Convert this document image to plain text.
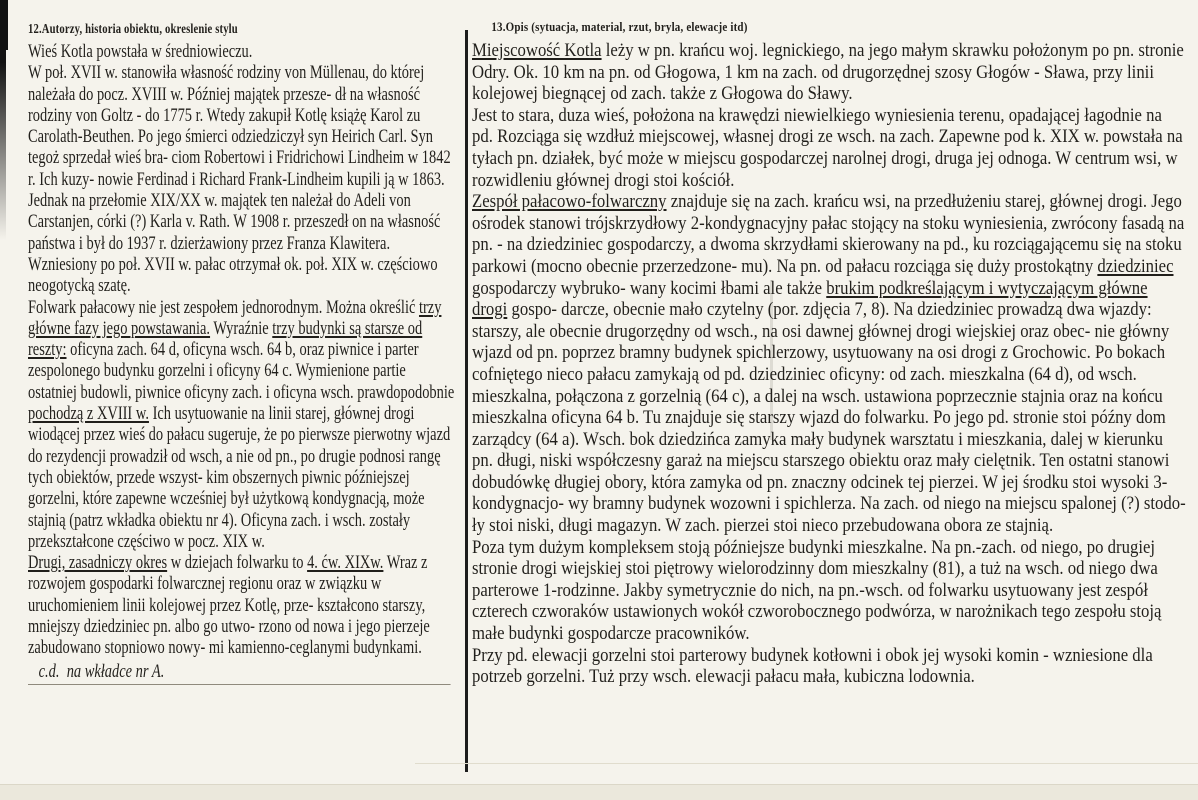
12.Autorzy, historia obiektu, okreslenie stylu

Wieś Kotla powstała w średniowieczu.

W poł. XVII w. stanowiła własność rodziny von Müllenau, do której należała do pocz. XVIII w. Później majątek przesze- dł na własność rodziny von Goltz - do 1775 r. Wtedy zakupił Kotlę książę Karol zu Carolath-Beuthen. Po jego śmierci odziedziczył syn Heirich Carl. Syn tegoż sprzedał wieś bra- ciom Robertowi i Fridrichowi Lindheim w 1842 r. Ich kuzy- nowie Ferdinad i Richard Frank-Lindheim kupili ją w 1863. Jednak na przełomie XIX/XX w. majątek ten należał do Adeli von Carstanjen, córki (?) Karla v. Rath. W 1908 r. przeszedł on na własność państwa i był do 1937 r. dzierżawiony przez Franza Klawitera.

Wzniesiony po poł. XVII w. pałac otrzymał ok. poł. XIX w. częściowo neogotycką szatę.

Folwark pałacowy nie jest zespołem jednorodnym. Można określić trzy główne fazy jego powstawania. Wyraźnie trzy budynki są starsze od reszty: oficyna zach. 64 d, oficyna wsch. 64 b, oraz piwnice i parter zespolonego budynku gorzelni i oficyny 64 c. Wymienione partie ostatniej budowli, piwnice oficyny zach. i oficyna wsch. prawdopodobnie pochodzą z XVIII w. Ich usytuowanie na linii starej, głównej drogi wiodącej przez wieś do pałacu sugeruje, że po pierwsze pierwotny wjazd do rezydencji prowadził od wsch, a nie od pn., po drugie podnosi rangę tych obiektów, przede wszyst- kim obszernych piwnic późniejszej gorzelni, które zapewne wcześniej był użytkową kondygnacją, może stajnią (patrz wkładka obiektu nr 4). Oficyna zach. i wsch. zostały przekształcone częściwo w pocz. XIX w.

Drugi, zasadniczy okres w dziejach folwarku to 4. ćw. XIXw. Wraz z rozwojem gospodarki folwarcznej regionu oraz w związku w uruchomieniem linii kolejowej przez Kotlę, prze- kształcono starszy, mniejszy dziedziniec pn. albo go utwo- rzono od nowa i jego pierzeje zabudowano stopniowo nowy- mi kamienno-ceglanymi budynkami.

c.d.  na wkładce nr A.

13.Opis (sytuacja, material, rzut, bryla, elewacje itd)

Miejscowość Kotla leży w pn. krańcu woj. legnickiego, na jego małym skrawku położonym po pn. stronie Odry. Ok. 10 km na pn. od Głogowa, 1 km na zach. od drugorzędnej szosy Głogów - Sława, przy linii kolejowej biegnącej od zach. także z Głogowa do Sławy.

Jest to stara, duza wieś, położona na krawędzi niewielkiego wyniesienia terenu, opadającej łagodnie na pd. Rozciąga się wzdłuż miejscowej, własnej drogi ze wsch. na zach. Zapewne pod k. XIX w. powstała na tyłach pn. działek, być może w miejscu gospodarczej narolnej drogi, druga jej odnoga. W centrum wsi, w rozwidleniu głównej drogi stoi kościół.

Zespół pałacowo-folwarczny znajduje się na zach. krańcu wsi, na przedłużeniu starej, głównej drogi. Jego ośrodek stanowi trójskrzydłowy 2-kondygnacyjny pałac stojący na stoku wyniesienia, zwrócony fasadą na pn. - na dziedziniec gospodarczy, a dwoma skrzydłami skierowany na pd., ku rozciągającemu się na stoku parkowi (mocno obecnie przerzedzone- mu). Na pn. od pałacu rozciąga się duży prostokątny dziedziniec gospodarczy wybruko- wany kocimi łbami ale także brukim podkreślającym i wytyczającym główne drogi gospo- darcze, obecnie mało czytelny (por. zdjęcia 7, 8). Na dziedziniec prowadzą dwa wjazdy: starszy, ale obecnie drugorzędny od wsch., na osi dawnej głównej drogi wiejskiej oraz obec- nie główny wjazd od pn. poprzez bramny budynek spichlerzowy, usytuowany na osi drogi z Grochowic. Po bokach cofniętego nieco pałacu zamykają od pd. dziedziniec oficyny: od zach. mieszkalna (64 d), od wsch. mieszkalna, połączona z gorzelnią (64 c), a dalej na wsch. ustawiona poprzecznie stajnia oraz na końcu mieszkalna oficyna 64 b. Tu znajduje się starszy wjazd do folwarku. Po jego pd. stronie stoi późny dom zarządcy (64 a). Wsch. bok dziedzińca zamyka mały budynek warsztatu i mieszkania, dalej w kierunku pn. długi, niski współczesny garaż na miejscu starszego obiektu oraz mały cielętnik. Ten ostatni stanowi dobudówkę długiej obory, która zamyka od pn. znaczny odcinek tej pierzei. W jej środku stoi wysoki 3-kondygnacjo- wy bramny budynek wozowni i spichlerza. Na zach. od niego na miejscu spalonej (?) stodo- ły stoi niski, długi magazyn. W zach. pierzei stoi nieco przebudowana obora ze stajnią.

Poza tym dużym kompleksem stoją późniejsze budynki mieszkalne. Na pn.-zach. od niego, po drugiej stronie drogi wiejskiej stoi piętrowy wielorodzinny dom mieszkalny (81), a tuż na wsch. od niego dwa parterowe 1-rodzinne. Jakby symetrycznie do nich, na pn.-wsch. od folwarku usytuowany jest zespół czterech czworaków ustawionych wokół czworobocznego podwórza, w narożnikach tego zespołu stoją małe budynki gospodarcze pracowników.

Przy pd. elewacji gorzelni stoi parterowy budynek kotłowni i obok jej wysoki komin - wzniesione dla potrzeb gorzelni. Tuż przy wsch. elewacji pałacu mała, kubiczna lodownia.
